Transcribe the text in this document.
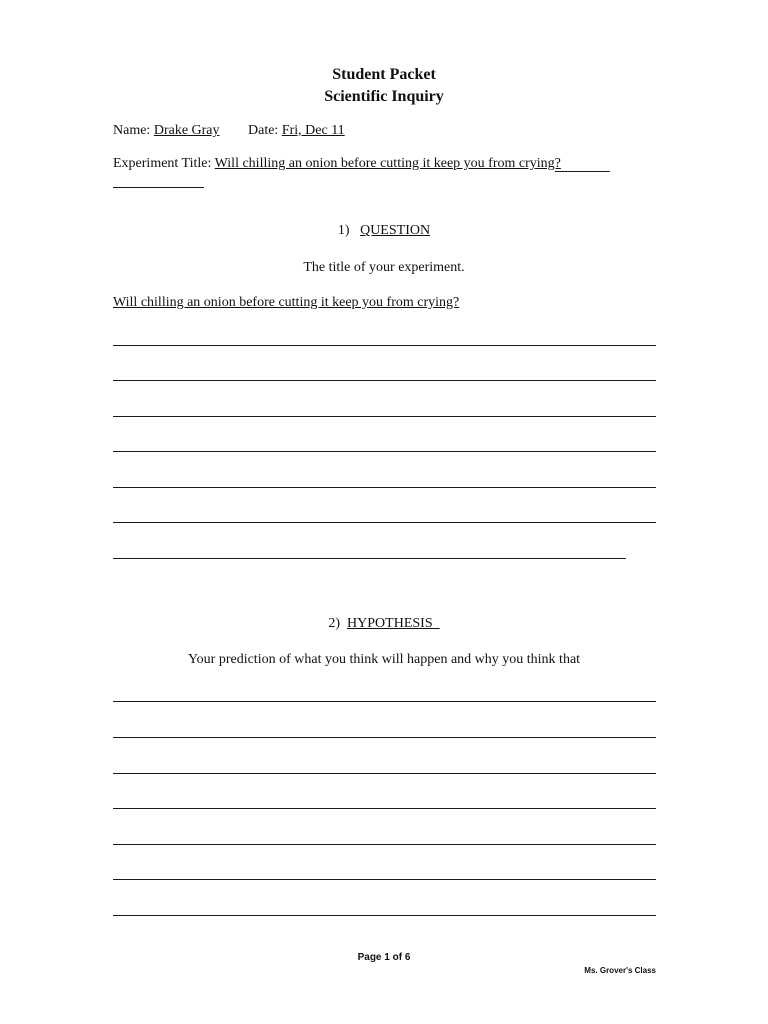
Student Packet
Scientific Inquiry
Name: Drake Gray Date: Fri, Dec 11
Experiment Title: Will chilling an onion before cutting it keep you from crying?
1) QUESTION
The title of your experiment.
Will chilling an onion before cutting it keep you from crying?
2) HYPOTHESIS
Your prediction of what you think will happen and why you think that
Page 1 of 6
Ms. Grover's Class
